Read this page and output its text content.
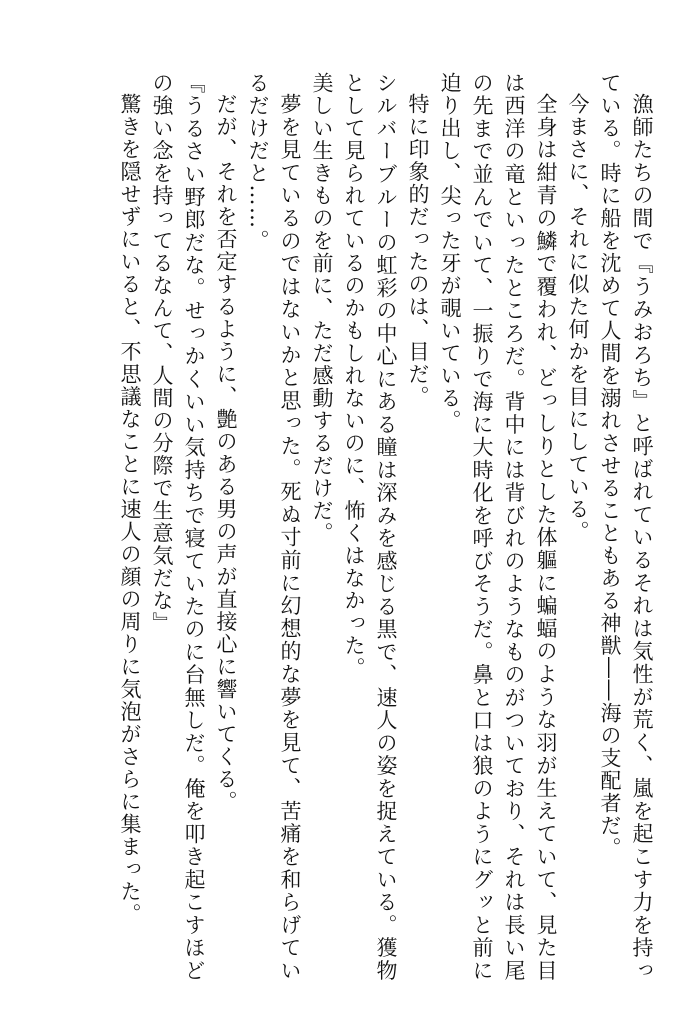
漁師たちの間で『うみおろち』と呼ばれているそれは気性が荒く、嵐を起こす力を持っている。時に船を沈めて人間を溺れさせることもある神獣――海の支配者だ。

今まさに、それに似た何かを目にしている。

全身は紺青の鱗で覆われ、どっしりとした体軀に蝙蝠のような羽が生えていて、見た目は西洋の竜といったところだ。背中には背びれのようなものがついており、それは長い尾の先まで並んでいて、一振りで海に大時化を呼びそうだ。鼻と口は狼のようにグッと前に迫り出し、尖った牙が覗いている。

特に印象的だったのは、目だ。

シルバーブルーの虹彩の中心にある瞳は深みを感じる黒で、速人の姿を捉えている。獲物として見られているのかもしれないのに、怖くはなかった。

美しい生きものを前に、ただ感動するだけだ。

夢を見ているのではないかと思った。死ぬ寸前に幻想的な夢を見て、苦痛を和らげているだけだと……。

だが、それを否定するように、艶のある男の声が直接心に響いてくる。

『うるさい野郎だな。せっかくいい気持ちで寝ていたのに台無しだ。俺を叩き起こすほどの強い念を持ってるなんて、人間の分際で生意気だな』

驚きを隠せずにいると、不思議なことに速人の顔の周りに気泡がさらに集まった。
